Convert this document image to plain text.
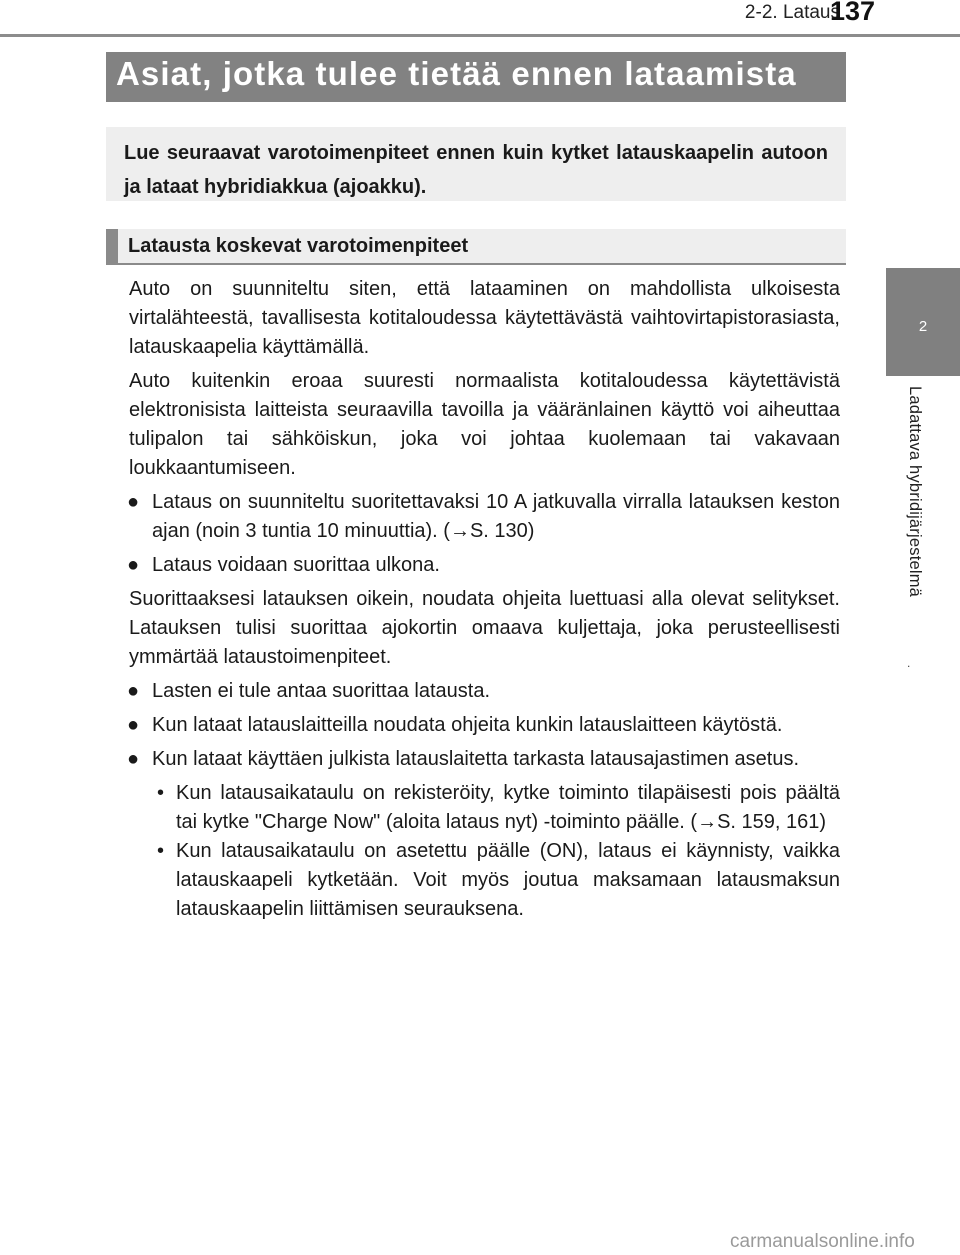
2-2. Lataus
137
2
Ladattava hybridijärjestelmä
.
Asiat, jotka tulee tietää ennen lataamista
Lue seuraavat varotoimenpiteet ennen kuin kytket latauskaapelin autoon ja lataat hybridiakkua (ajoakku).
Latausta koskevat varotoimenpiteet

Auto on suunniteltu siten, että lataaminen on mahdollista ulkoisesta virtalähteestä, tavallisesta kotitaloudessa käytettävästä vaihtovirtapistorasiasta, latauskaapelia käyttämällä.

Auto kuitenkin eroaa suuresti normaalista kotitaloudessa käytettävistä elektronisista laitteista seuraavilla tavoilla ja vääränlainen käyttö voi aiheuttaa tulipalon tai sähköiskun, joka voi johtaa kuolemaan tai vakavaan loukkaantumiseen.

● Lataus on suunniteltu suoritettavaksi 10 A jatkuvalla virralla latauksen keston ajan (noin 3 tuntia 10 minuuttia). (→S. 130)
● Lataus voidaan suorittaa ulkona.

Suorittaaksesi latauksen oikein, noudata ohjeita luettuasi alla olevat selitykset. Latauksen tulisi suorittaa ajokortin omaava kuljettaja, joka perusteellisesti ymmärtää lataustoimenpiteet.

● Lasten ei tule antaa suorittaa latausta.
● Kun lataat latauslaitteilla noudata ohjeita kunkin latauslaitteen käytöstä.
● Kun lataat käyttäen julkista latauslaitetta tarkasta latausajastimen asetus.
• Kun latausaikataulu on rekisteröity, kytke toiminto tilapäisesti pois päältä tai kytke "Charge Now" (aloita lataus nyt) -toiminto päälle. (→S. 159, 161)
• Kun latausaikataulu on asetettu päälle (ON), lataus ei käynnisty, vaikka latauskaapeli kytketään. Voit myös joutua maksamaan latausmaksun latauskaapelin liittämisen seurauksena.
carmanualsonline.info
